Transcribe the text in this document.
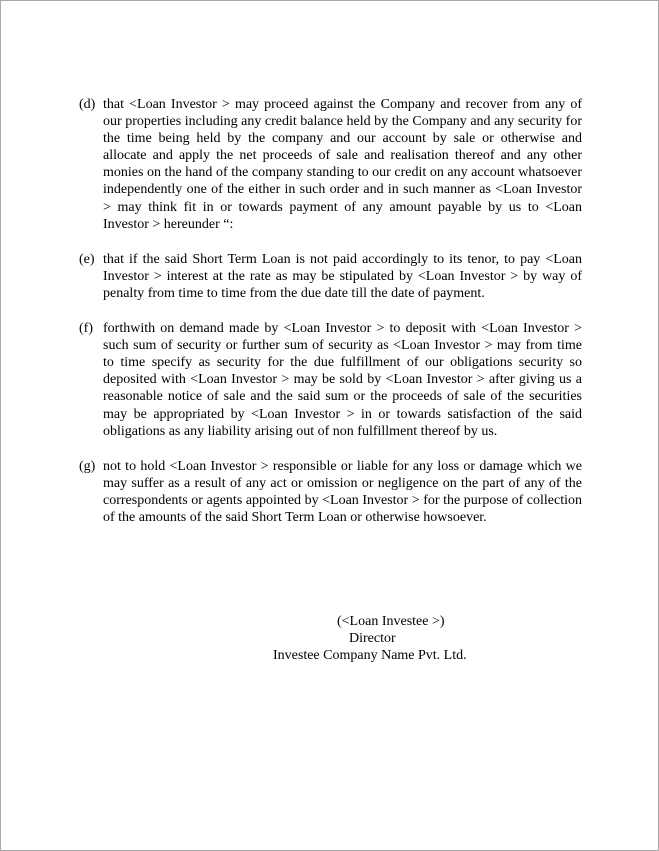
(d) that <Loan Investor > may proceed against the Company and recover from any of our properties including any credit balance held by the Company and any security for the time being held by the company and our account by sale or otherwise and allocate and apply the net proceeds of sale and realisation thereof and any other monies on the hand of the company standing to our credit on any account whatsoever independently one of the either in such order and in such manner as <Loan Investor > may think fit in or towards payment of any amount payable by us to <Loan Investor > hereunder “:
(e) that if the said Short Term Loan is not paid accordingly to its tenor, to pay <Loan Investor > interest at the rate as may be stipulated by <Loan Investor > by way of penalty from time to time from the due date till the date of payment.
(f) forthwith on demand made by <Loan Investor > to deposit with <Loan Investor > such sum of security or further sum of security as <Loan Investor > may from time to time specify as security for the due fulfillment of our obligations security so deposited with <Loan Investor > may be sold by <Loan Investor > after giving us a reasonable notice of sale and the said sum or the proceeds of sale of the securities may be appropriated by <Loan Investor > in or towards satisfaction of the said obligations as any liability arising out of non fulfillment thereof by us.
(g) not to hold <Loan Investor > responsible or liable for any loss or damage which we may suffer as a result of any act or omission or negligence on the part of any of the correspondents or agents appointed by <Loan Investor > for the purpose of collection of the amounts of the said Short Term Loan or otherwise howsoever.
(<Loan Investee >)
Director
Investee Company Name Pvt. Ltd.
